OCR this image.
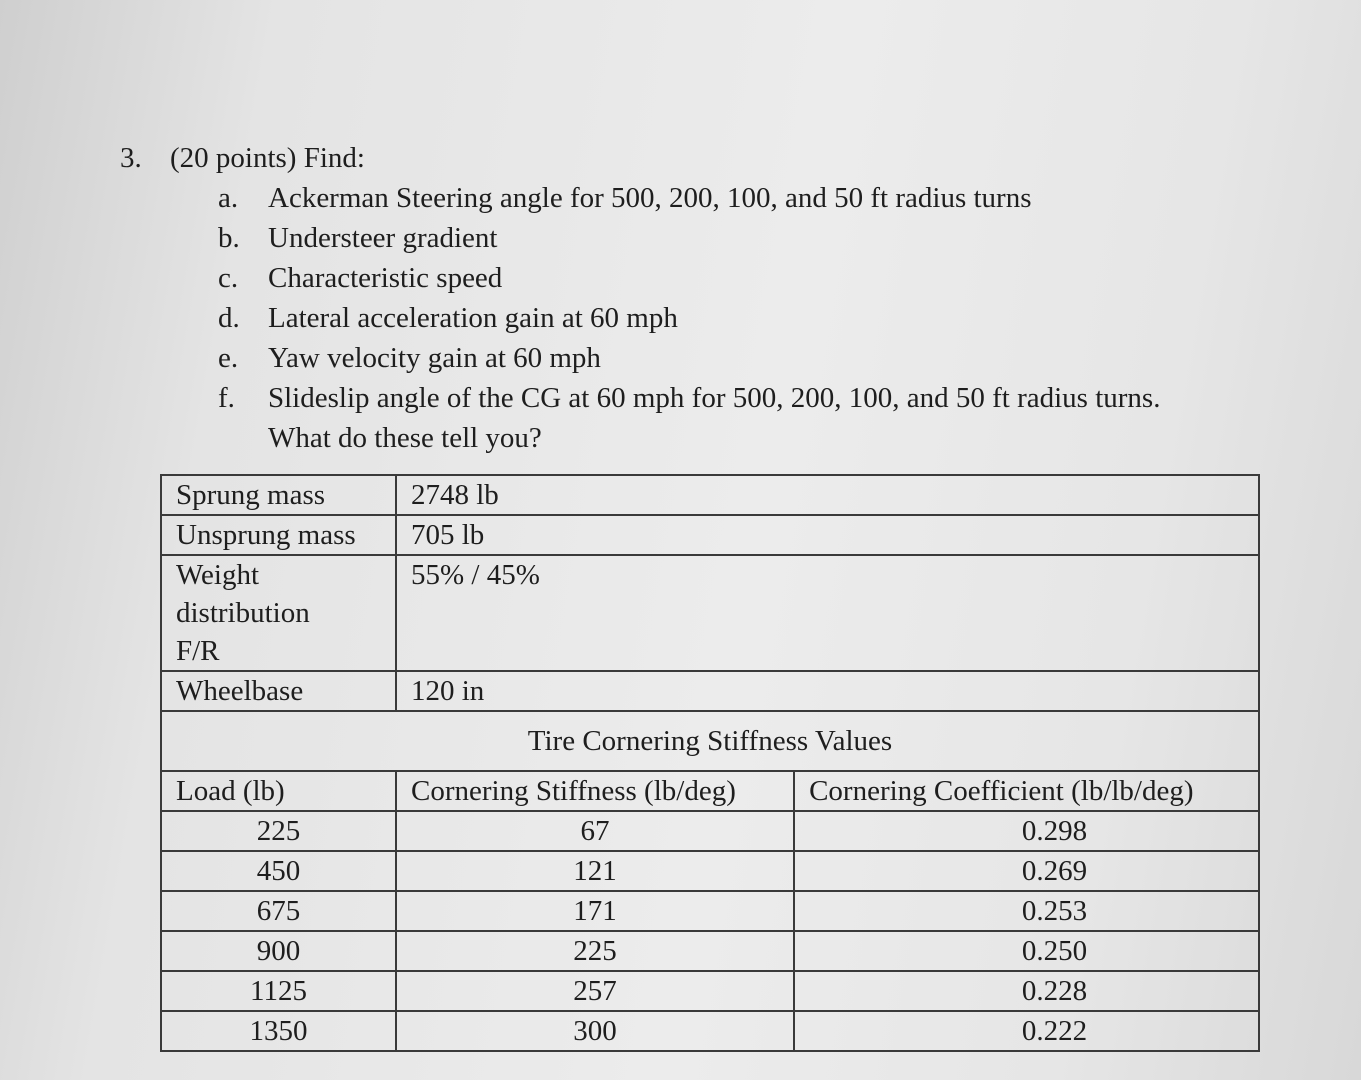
3. (20 points) Find:
a.	Ackerman Steering angle for 500, 200, 100, and 50 ft radius turns
b. Understeer gradient
c.	Characteristic speed
d. Lateral acceleration gain at 60 mph
e.	Yaw velocity gain at 60 mph
f.	Slideslip angle of the CG at 60 mph for 500, 200, 100, and 50 ft radius turns.
What do these tell you?
Sprung mass	2748 lb	
Unsprung mass	705 lb	

Weight
distribution
F/R	55% / 45%	
Wheelbase	120 in	
Tire Cornering Stiffness Values		
Load (lb)	Cornering Stiffness (lb/deg)	Cornering Coefficient (lb/lb/deg)
225	67	0.298
450	121	0.269
675	171	0.253
900	225	0.250
1125	257	0.228
1350	300	0.222
